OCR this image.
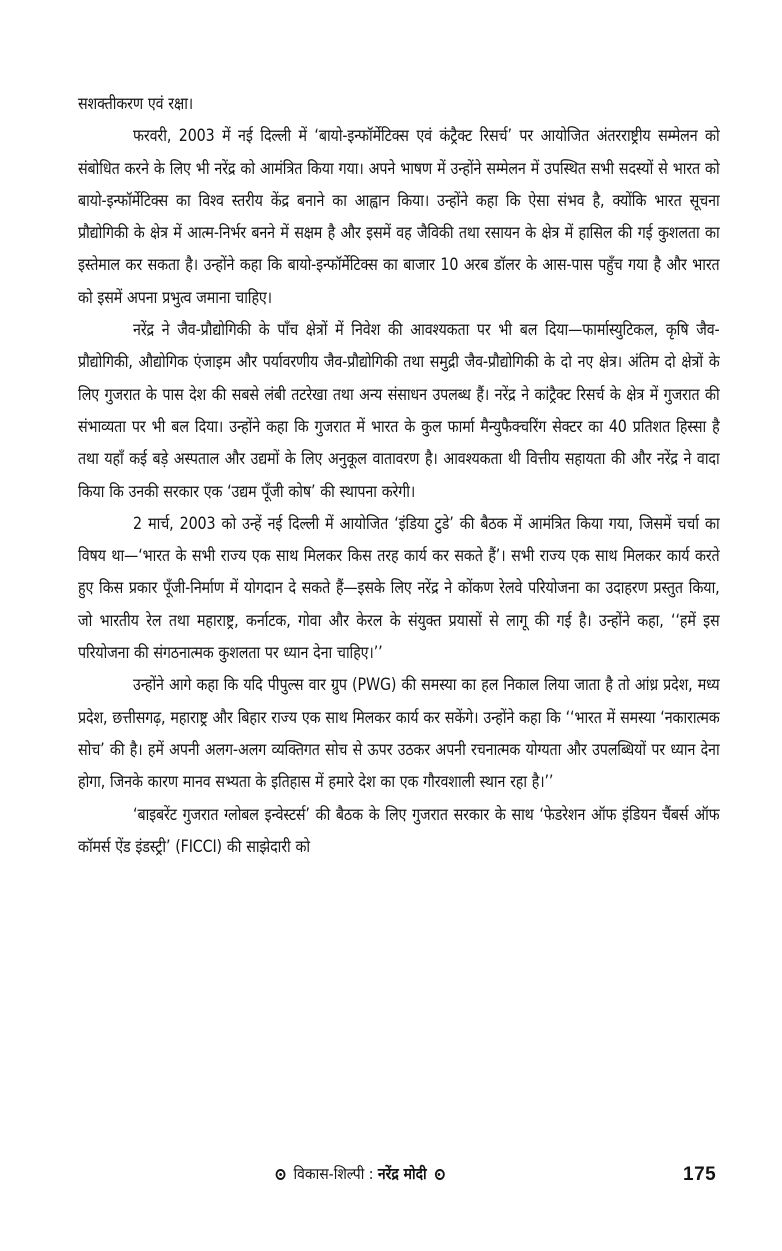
सशक्तीकरण एवं रक्षा।

फरवरी, 2003 में नई दिल्ली में ‘बायो-इन्फॉर्मेटिक्स एवं कंट्रैक्ट रिसर्च’ पर आयोजित अंतरराष्ट्रीय सम्मेलन को संबोधित करने के लिए भी नरेंद्र को आमंत्रित किया गया। अपने भाषण में उन्होंने सम्मेलन में उपस्थित सभी सदस्यों से भारत को बायो-इन्फॉर्मेटिक्स का विश्व स्तरीय केंद्र बनाने का आह्वान किया। उन्होंने कहा कि ऐसा संभव है, क्योंकि भारत सूचना प्रौद्योगिकी के क्षेत्र में आत्म-निर्भर बनने में सक्षम है और इसमें वह जैविकी तथा रसायन के क्षेत्र में हासिल की गई कुशलता का इस्तेमाल कर सकता है। उन्होंने कहा कि बायो-इन्फॉर्मेटिक्स का बाजार 10 अरब डॉलर के आस-पास पहुँच गया है और भारत को इसमें अपना प्रभुत्व जमाना चाहिए।

नरेंद्र ने जैव-प्रौद्योगिकी के पाँच क्षेत्रों में निवेश की आवश्यकता पर भी बल दिया—फार्मास्युटिकल, कृषि जैव-प्रौद्योगिकी, औद्योगिक एंजाइम और पर्यावरणीय जैव-प्रौद्योगिकी तथा समुद्री जैव-प्रौद्योगिकी के दो नए क्षेत्र। अंतिम दो क्षेत्रों के लिए गुजरात के पास देश की सबसे लंबी तटरेखा तथा अन्य संसाधन उपलब्ध हैं। नरेंद्र ने कांट्रैक्ट रिसर्च के क्षेत्र में गुजरात की संभाव्यता पर भी बल दिया। उन्होंने कहा कि गुजरात में भारत के कुल फार्मा मैन्युफैक्चरिंग सेक्टर का 40 प्रतिशत हिस्सा है तथा यहाँ कई बड़े अस्पताल और उद्यमों के लिए अनुकूल वातावरण है। आवश्यकता थी वित्तीय सहायता की और नरेंद्र ने वादा किया कि उनकी सरकार एक ‘उद्यम पूँजी कोष’ की स्थापना करेगी।

2 मार्च, 2003 को उन्हें नई दिल्ली में आयोजित ‘इंडिया टुडे’ की बैठक में आमंत्रित किया गया, जिसमें चर्चा का विषय था—‘भारत के सभी राज्य एक साथ मिलकर किस तरह कार्य कर सकते हैं’। सभी राज्य एक साथ मिलकर कार्य करते हुए किस प्रकार पूँजी-निर्माण में योगदान दे सकते हैं—इसके लिए नरेंद्र ने कोंकण रेलवे परियोजना का उदाहरण प्रस्तुत किया, जो भारतीय रेल तथा महाराष्ट्र, कर्नाटक, गोवा और केरल के संयुक्त प्रयासों से लागू की गई है। उन्होंने कहा, ‘‘हमें इस परियोजना की संगठनात्मक कुशलता पर ध्यान देना चाहिए।’’

उन्होंने आगे कहा कि यदि पीपुल्स वार ग्रुप (PWG) की समस्या का हल निकाल लिया जाता है तो आंध्र प्रदेश, मध्य प्रदेश, छत्तीसगढ़, महाराष्ट्र और बिहार राज्य एक साथ मिलकर कार्य कर सकेंगे। उन्होंने कहा कि ‘‘भारत में समस्या ‘नकारात्मक सोच’ की है। हमें अपनी अलग-अलग व्यक्तिगत सोच से ऊपर उठकर अपनी रचनात्मक योग्यता और उपलब्धियों पर ध्यान देना होगा, जिनके कारण मानव सभ्यता के इतिहास में हमारे देश का एक गौरवशाली स्थान रहा है।’’

‘बाइबरेंट गुजरात ग्लोबल इन्वेस्टर्स’ की बैठक के लिए गुजरात सरकार के साथ ‘फेडरेशन ऑफ इंडियन चैंबर्स ऑफ कॉमर्स ऐंड इंडस्ट्री’ (FICCI) की साझेदारी को

विकास-शिल्पी : नरेंद्र मोदी	175
